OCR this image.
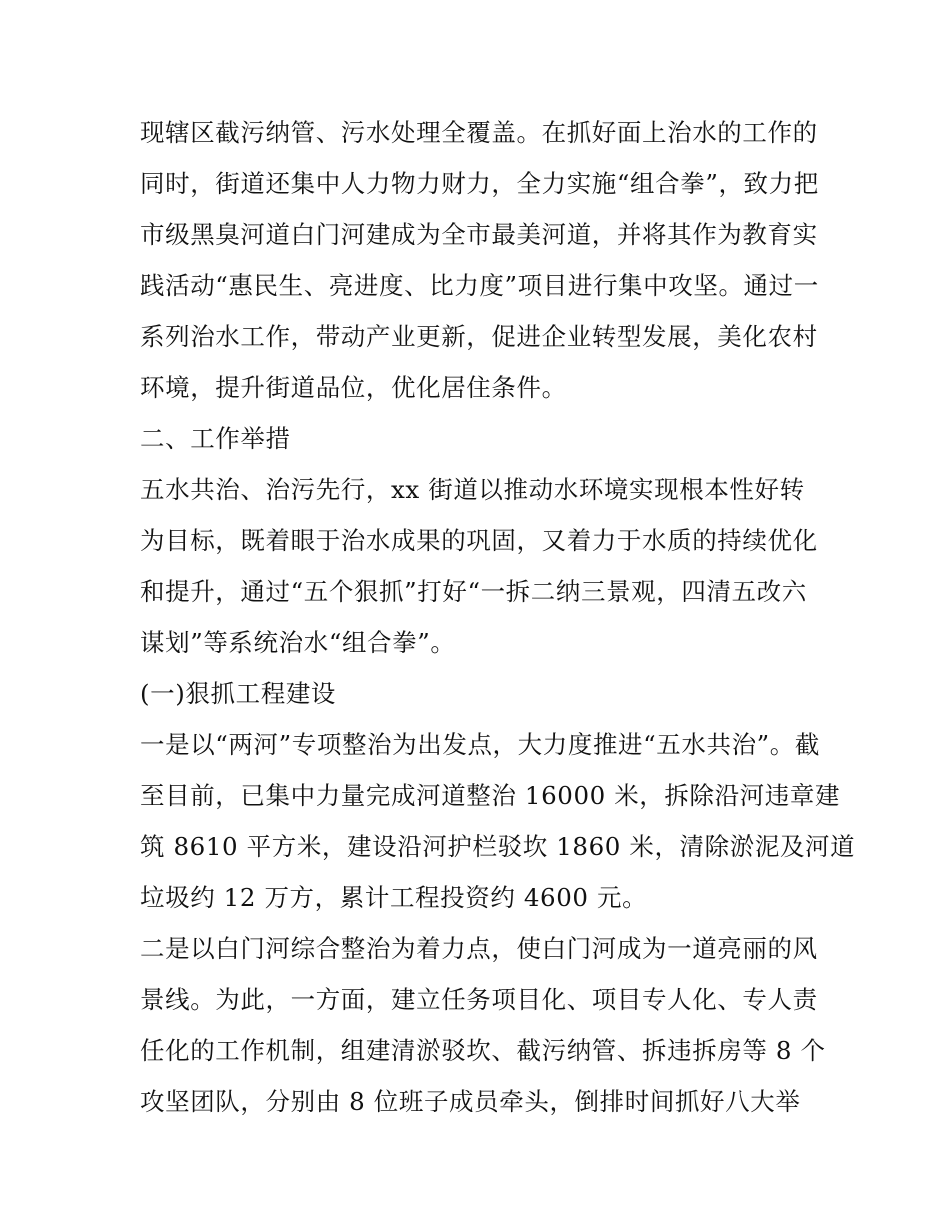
现辖区截污纳管、污水处理全覆盖。在抓好面上治水的工作的
同时，街道还集中人力物力财力，全力实施“组合拳”，致力把
市级黑臭河道白门河建成为全市最美河道，并将其作为教育实
践活动“惠民生、亮进度、比力度”项目进行集中攻坚。通过一
系列治水工作，带动产业更新，促进企业转型发展，美化农村
环境，提升街道品位，优化居住条件。
二、工作举措
五水共治、治污先行，xx 街道以推动水环境实现根本性好转
为目标，既着眼于治水成果的巩固，又着力于水质的持续优化
和提升，通过“五个狠抓”打好“一拆二纳三景观，四清五改六
谋划”等系统治水“组合拳”。
(一)狠抓工程建设
一是以“两河”专项整治为出发点，大力度推进“五水共治”。截
至目前，已集中力量完成河道整治 16000 米，拆除沿河违章建
筑 8610 平方米，建设沿河护栏驳坎 1860 米，清除淤泥及河道
垃圾约 12 万方，累计工程投资约 4600 元。
二是以白门河综合整治为着力点，使白门河成为一道亮丽的风
景线。为此，一方面，建立任务项目化、项目专人化、专人责
任化的工作机制，组建清淤驳坎、截污纳管、拆违拆房等 8 个
攻坚团队，分别由 8 位班子成员牵头，倒排时间抓好八大举
